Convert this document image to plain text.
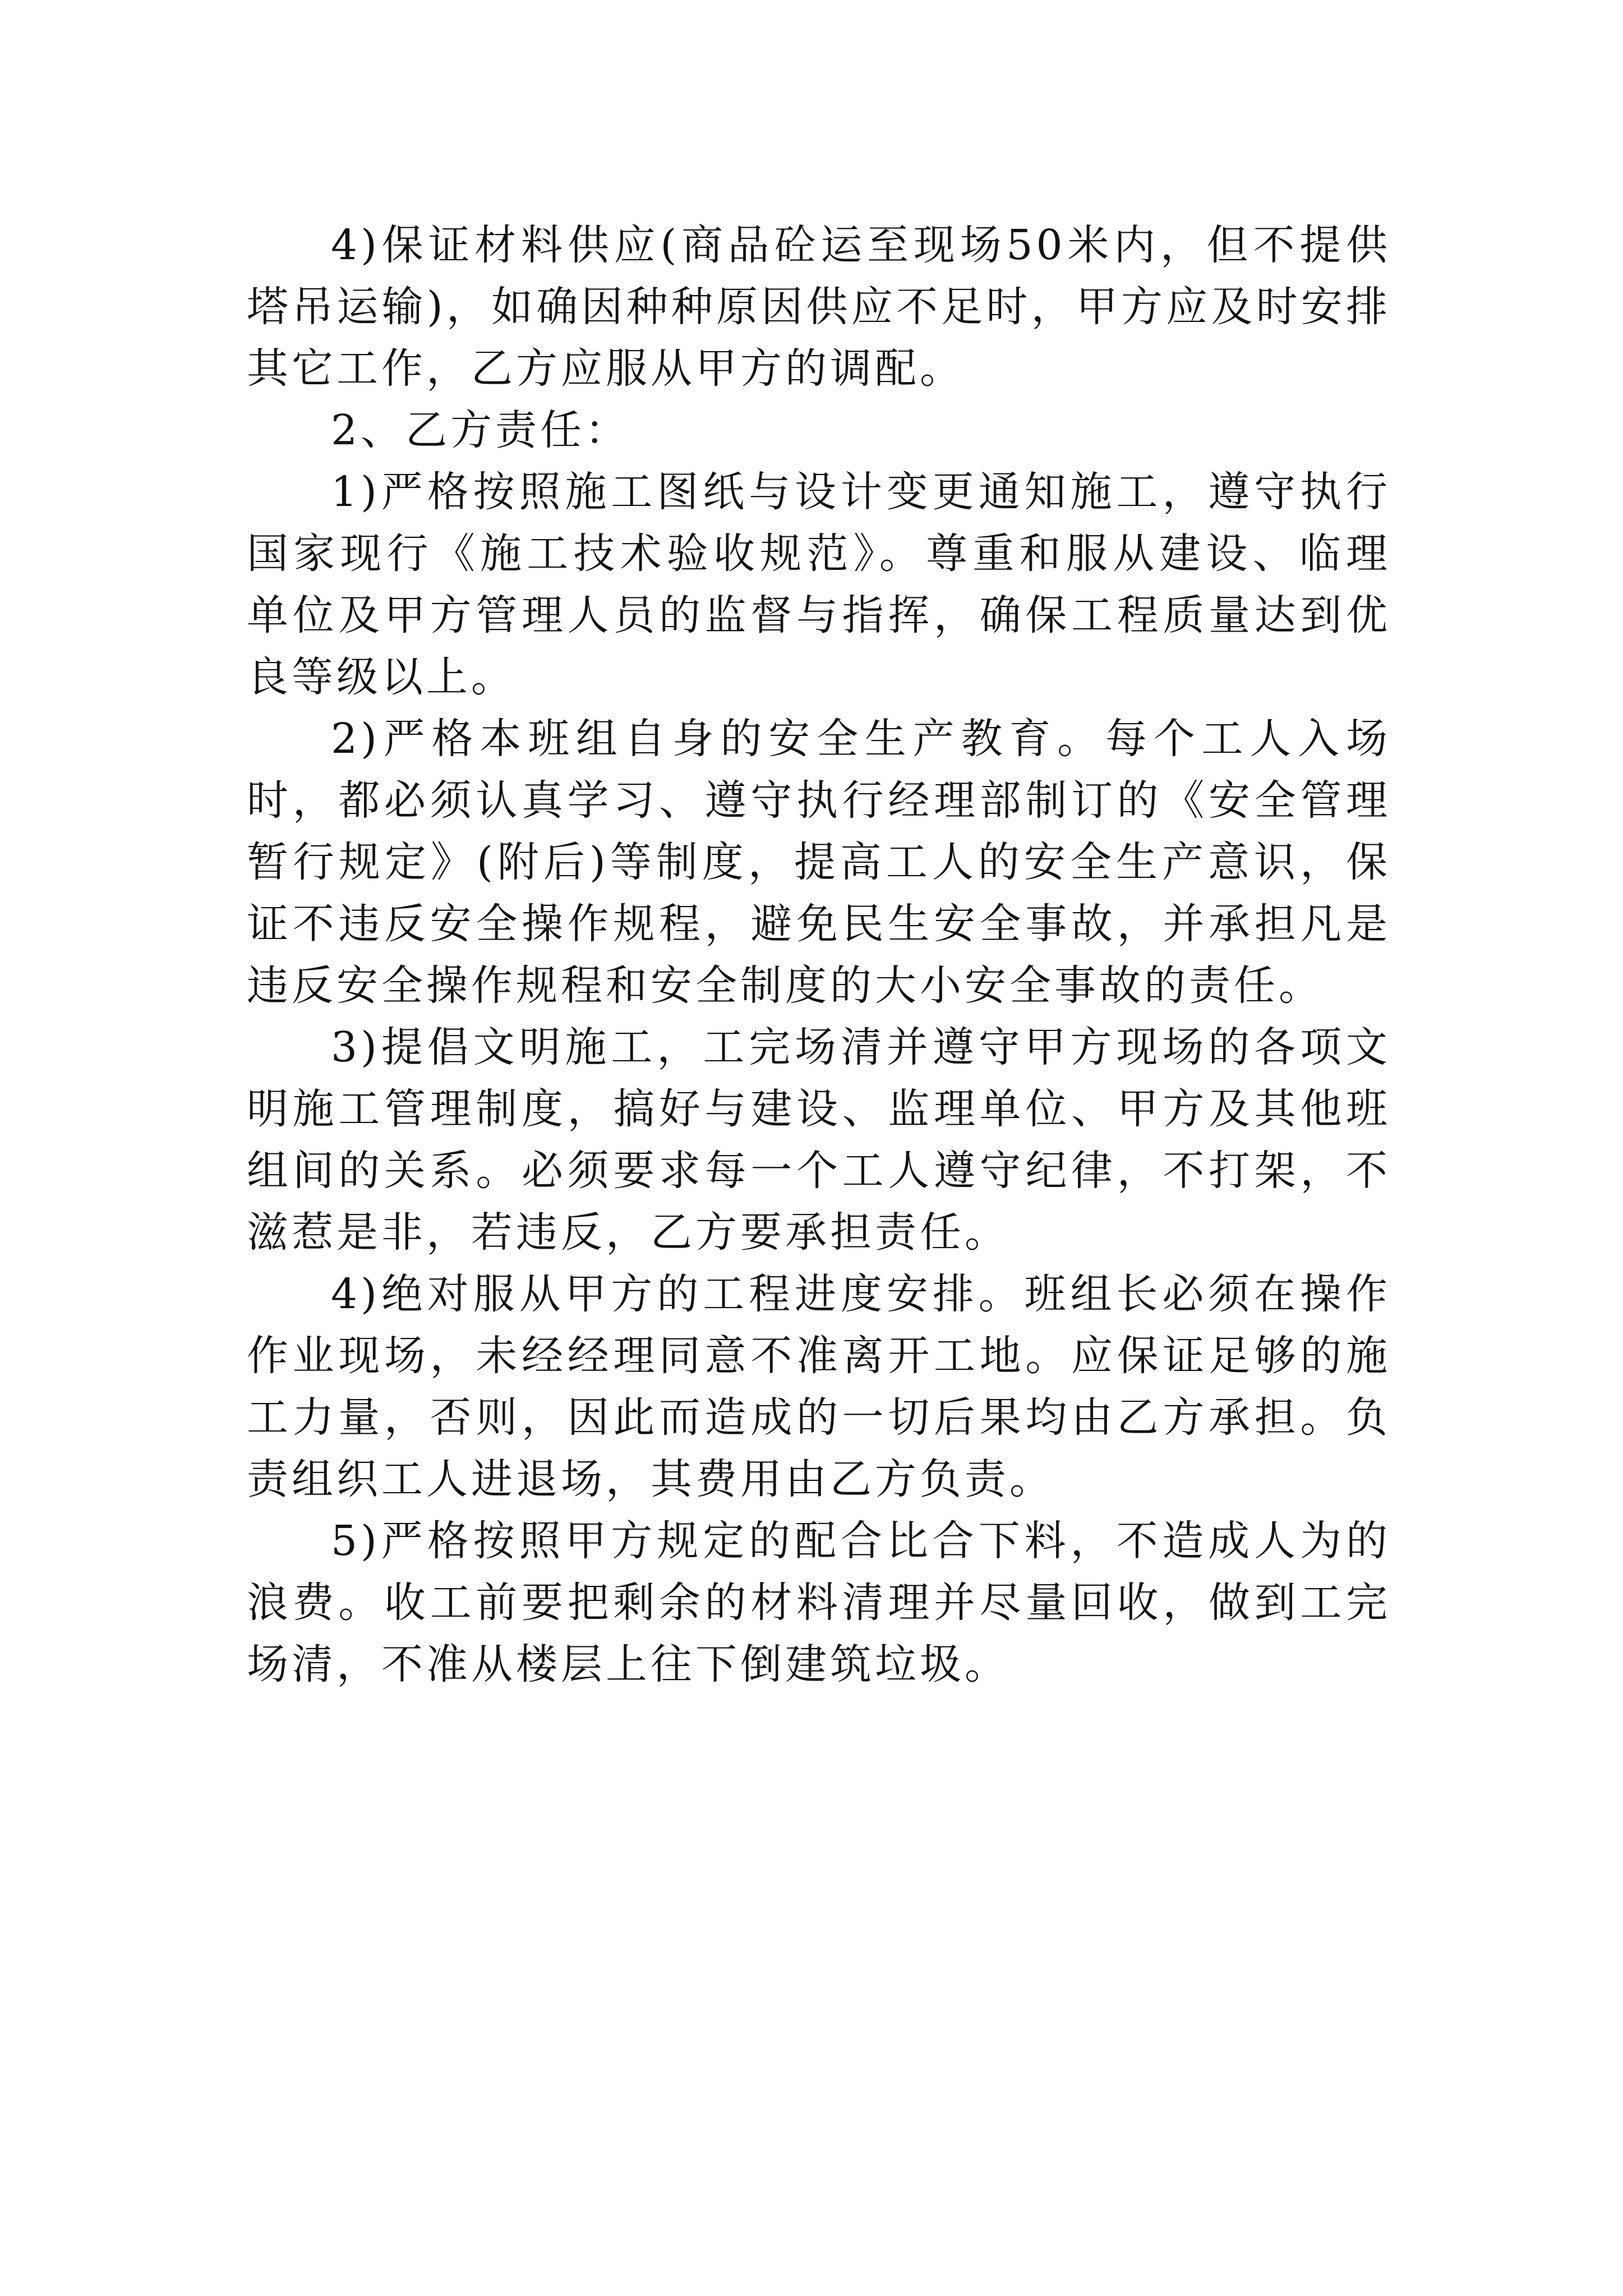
4)保证材料供应(商品砼运至现场50米内，但不提供塔吊运输)，如确因种种原因供应不足时，甲方应及时安排其它工作，乙方应服从甲方的调配。

2、乙方责任：

1)严格按照施工图纸与设计变更通知施工，遵守执行国家现行《施工技术验收规范》。尊重和服从建设、临理单位及甲方管理人员的监督与指挥，确保工程质量达到优良等级以上。

2)严格本班组自身的安全生产教育。每个工人入场时，都必须认真学习、遵守执行经理部制订的《安全管理暂行规定》(附后)等制度，提高工人的安全生产意识，保证不违反安全操作规程，避免民生安全事故，并承担凡是违反安全操作规程和安全制度的大小安全事故的责任。

3)提倡文明施工，工完场清并遵守甲方现场的各项文明施工管理制度，搞好与建设、监理单位、甲方及其他班组间的关系。必须要求每一个工人遵守纪律，不打架，不滋惹是非，若违反，乙方要承担责任。

4)绝对服从甲方的工程进度安排。班组长必须在操作作业现场，未经经理同意不准离开工地。应保证足够的施工力量，否则，因此而造成的一切后果均由乙方承担。负责组织工人进退场，其费用由乙方负责。

5)严格按照甲方规定的配合比合下料，不造成人为的浪费。收工前要把剩余的材料清理并尽量回收，做到工完场清，不准从楼层上往下倒建筑垃圾。
